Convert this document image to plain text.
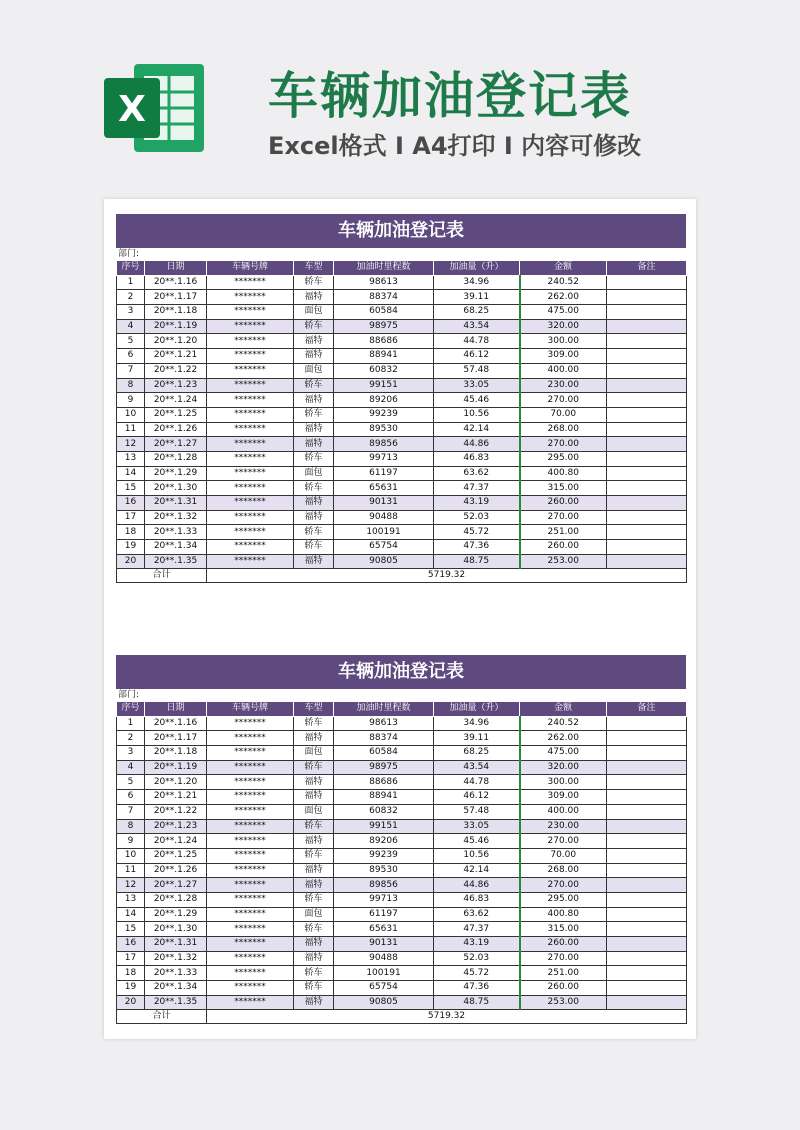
X 车辆加油登记表
Excel格式 I A4打印 I 内容可修改
车辆加油登记表
部门:
序号	日期	车辆号牌	车型	加油时里程数	加油量（升）	金额	备注
1	20**.1.16	*******	轿车	98613	34.96	240.52	
2	20**.1.17	*******	福特	88374	39.11	262.00	
3	20**.1.18	*******	面包	60584	68.25	475.00	
4	20**.1.19	*******	轿车	98975	43.54	320.00	
5	20**.1.20	*******	福特	88686	44.78	300.00	
6	20**.1.21	*******	福特	88941	46.12	309.00	
7	20**.1.22	*******	面包	60832	57.48	400.00	
8	20**.1.23	*******	轿车	99151	33.05	230.00	
9	20**.1.24	*******	福特	89206	45.46	270.00	
10	20**.1.25	*******	轿车	99239	10.56	70.00	
11	20**.1.26	*******	福特	89530	42.14	268.00	
12	20**.1.27	*******	福特	89856	44.86	270.00	
13	20**.1.28	*******	轿车	99713	46.83	295.00	
14	20**.1.29	*******	面包	61197	63.62	400.80	
15	20**.1.30	*******	轿车	65631	47.37	315.00	
16	20**.1.31	*******	福特	90131	43.19	260.00	
17	20**.1.32	*******	福特	90488	52.03	270.00	
18	20**.1.33	*******	轿车	100191	45.72	251.00	
19	20**.1.34	*******	轿车	65754	47.36	260.00	
20	20**.1.35	*******	福特	90805	48.75	253.00	
合计		5719.32					
车辆加油登记表
部门:
序号	日期	车辆号牌	车型	加油时里程数	加油量（升）	金额	备注
1	20**.1.16	*******	轿车	98613	34.96	240.52	
2	20**.1.17	*******	福特	88374	39.11	262.00	
3	20**.1.18	*******	面包	60584	68.25	475.00	
4	20**.1.19	*******	轿车	98975	43.54	320.00	
5	20**.1.20	*******	福特	88686	44.78	300.00	
6	20**.1.21	*******	福特	88941	46.12	309.00	
7	20**.1.22	*******	面包	60832	57.48	400.00	
8	20**.1.23	*******	轿车	99151	33.05	230.00	
9	20**.1.24	*******	福特	89206	45.46	270.00	
10	20**.1.25	*******	轿车	99239	10.56	70.00	
11	20**.1.26	*******	福特	89530	42.14	268.00	
12	20**.1.27	*******	福特	89856	44.86	270.00	
13	20**.1.28	*******	轿车	99713	46.83	295.00	
14	20**.1.29	*******	面包	61197	63.62	400.80	
15	20**.1.30	*******	轿车	65631	47.37	315.00	
16	20**.1.31	*******	福特	90131	43.19	260.00	
17	20**.1.32	*******	福特	90488	52.03	270.00	
18	20**.1.33	*******	轿车	100191	45.72	251.00	
19	20**.1.34	*******	轿车	65754	47.36	260.00	
20	20**.1.35	*******	福特	90805	48.75	253.00	
合计		5719.32					
